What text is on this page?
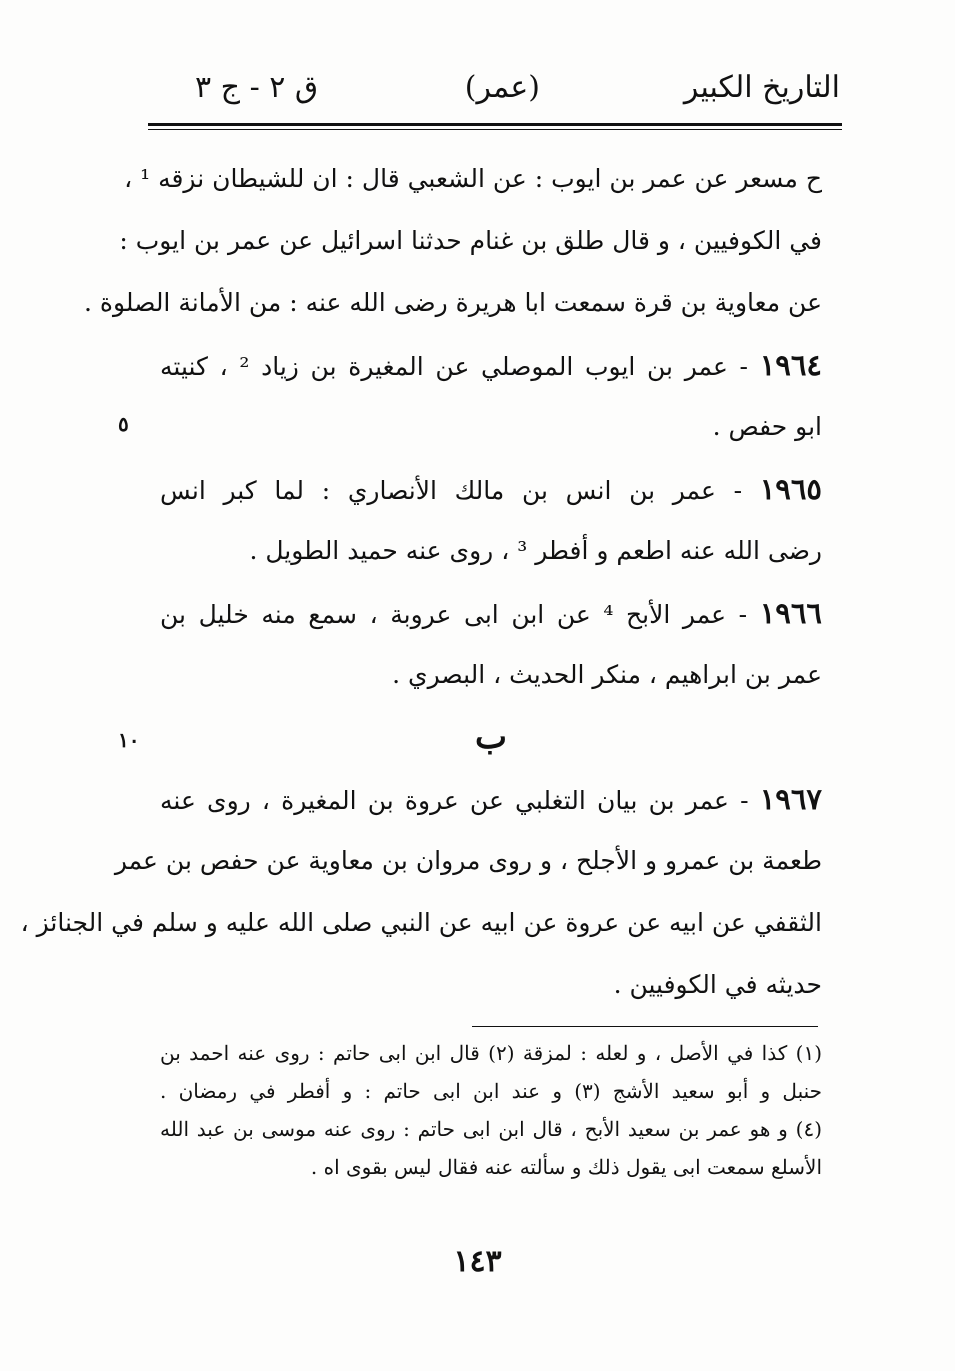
التاريخ الكبير
(عمر)
ق ٢ - ج ٣
٥
١٠
ح مسعر عن عمر بن ايوب : عن الشعبي قال : ان للشيطان نزقه ¹ ،
في الكوفيين ، و قال طلق بن غنام حدثنا اسرائيل عن عمر بن ايوب :
عن معاوية بن قرة سمعت ابا هريرة رضى الله عنه : من الأمانة الصلوة .
١٩٦٤ - عمر بن ايوب الموصلي عن المغيرة بن زياد ² ، كنيته
ابو حفص .
١٩٦٥ - عمر بن انس بن مالك الأنصاري : لما كبر انس
رضى الله عنه اطعم و أفطر ³ ، روى عنه حميد الطويل .
١٩٦٦ - عمر الأبح ⁴ عن ابن ابى عروبة ، سمع منه خليل بن
عمر بن ابراهيم ، منكر الحديث ، البصري .
ب
١٩٦٧ - عمر بن بيان التغلبي عن عروة بن المغيرة ، روى عنه
طعمة بن عمرو و الأجلح ، و روى مروان بن معاوية عن حفص بن عمر
الثقفي عن ابيه عن عروة عن ابيه عن النبي صلى الله عليه و سلم في الجنائز ،
حديثه في الكوفيين .
(١) كذا في الأصل ، و لعله : لمزقة (٢) قال ابن ابى حاتم : روى عنه احمد بن
حنبل و أبو سعيد الأشج (٣) و عند ابن ابى حاتم : و أفطر في رمضان .
(٤) و هو عمر بن سعيد الأبح ، قال ابن ابى حاتم : روى عنه موسى بن عبد الله
الأسلع سمعت ابى يقول ذلك و سألته عنه فقال ليس بقوى اه .
١٤٣
